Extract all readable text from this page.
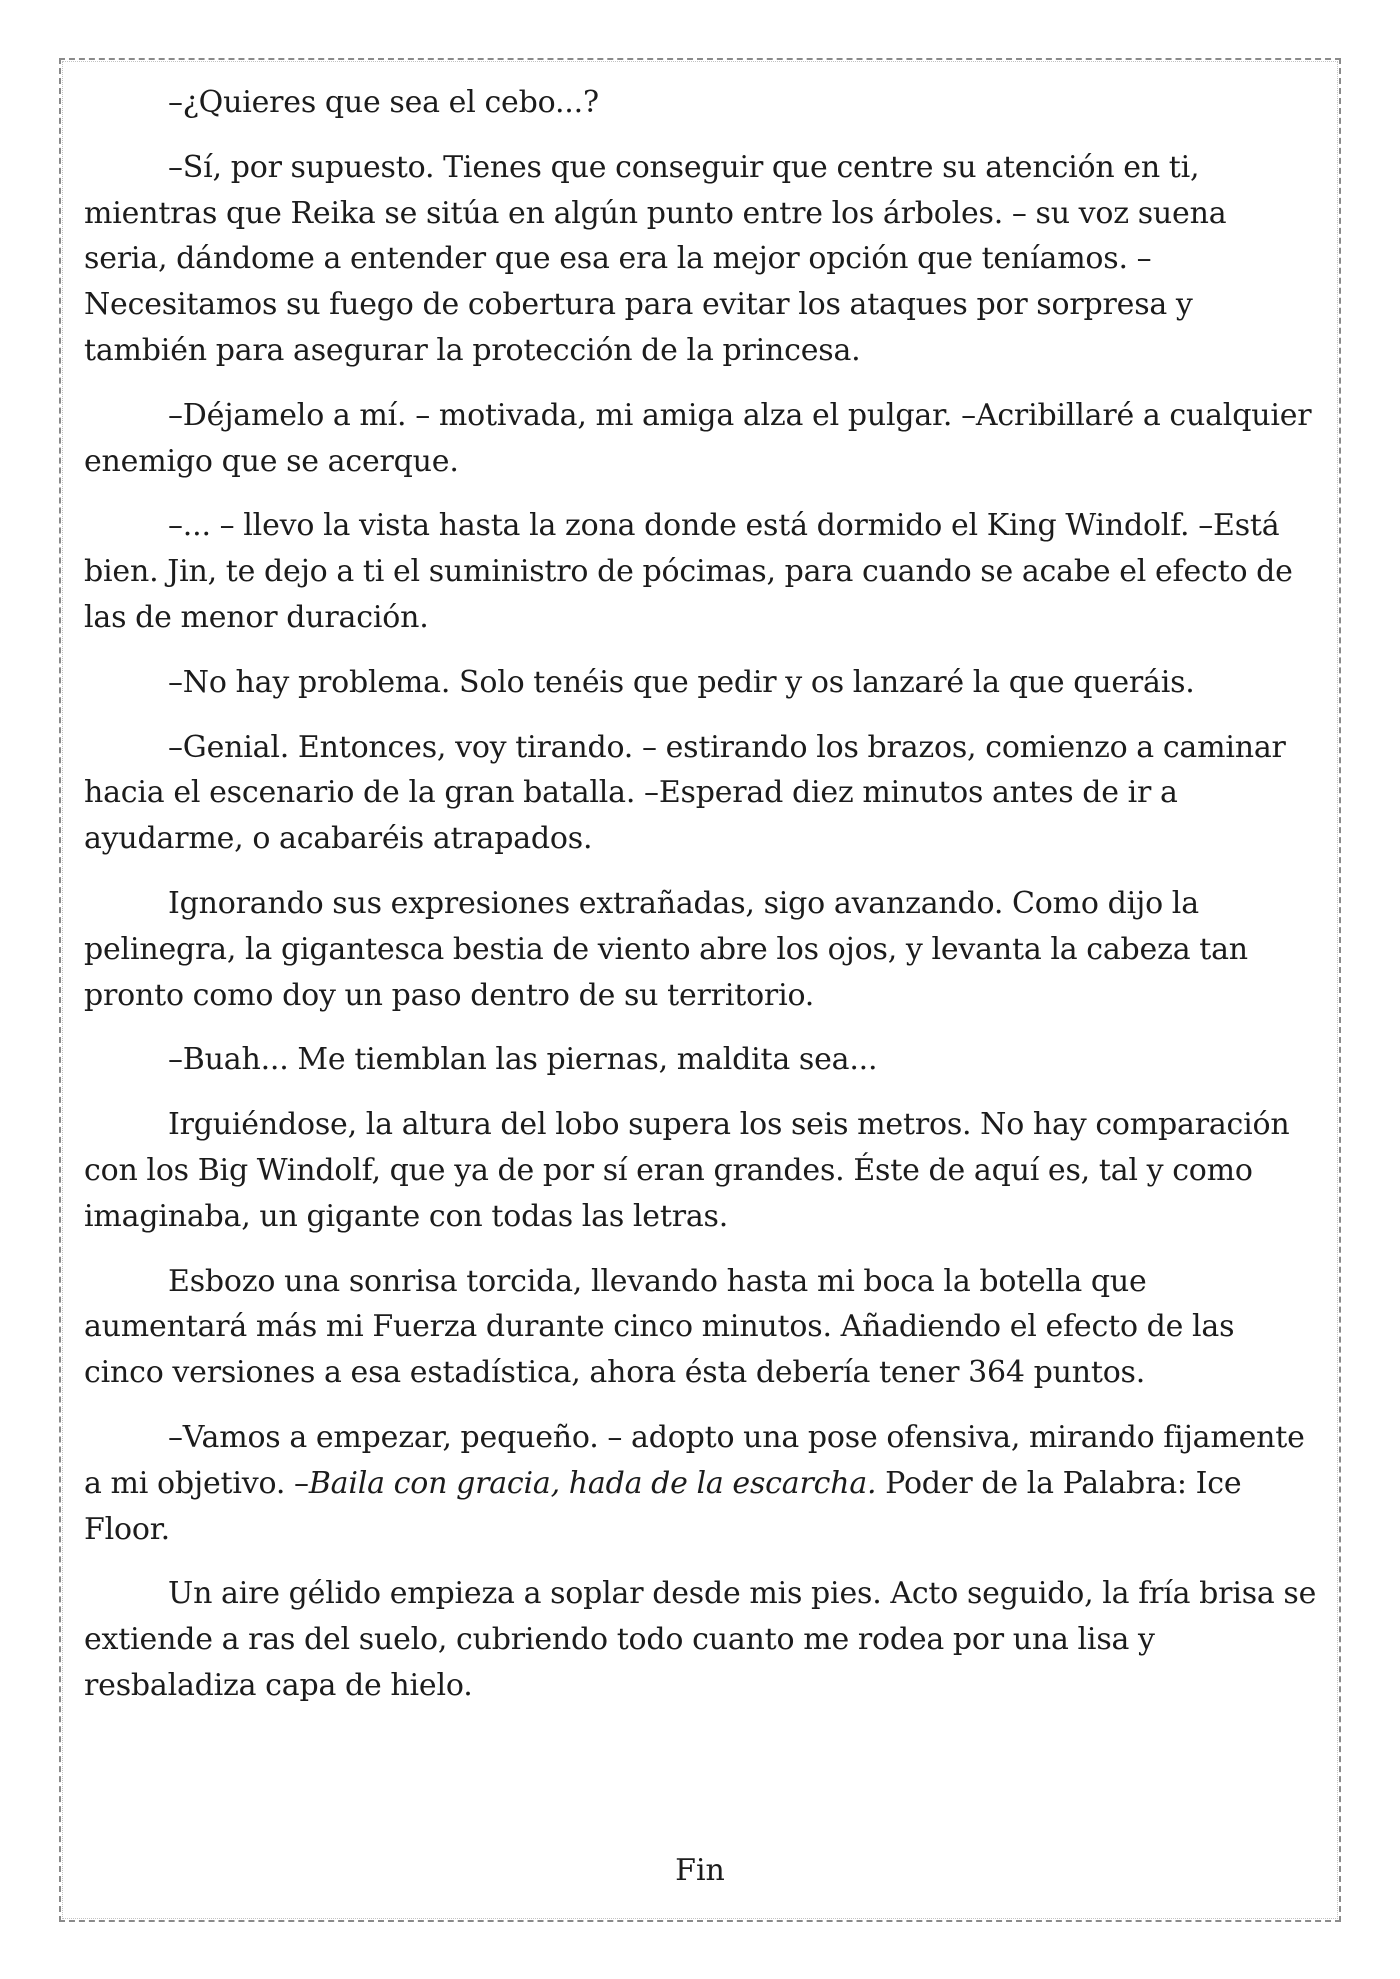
–¿Quieres que sea el cebo...?

–Sí, por supuesto. Tienes que conseguir que centre su atención en ti, mientras que Reika se sitúa en algún punto entre los árboles. – su voz suena seria, dándome a entender que esa era la mejor opción que teníamos. –Necesitamos su fuego de cobertura para evitar los ataques por sorpresa y también para asegurar la protección de la princesa.

–Déjamelo a mí. – motivada, mi amiga alza el pulgar. –Acribillaré a cualquier enemigo que se acerque.

–... – llevo la vista hasta la zona donde está dormido el King Windolf. –Está bien. Jin, te dejo a ti el suministro de pócimas, para cuando se acabe el efecto de las de menor duración.

–No hay problema. Solo tenéis que pedir y os lanzaré la que queráis.

–Genial. Entonces, voy tirando. – estirando los brazos, comienzo a caminar hacia el escenario de la gran batalla. –Esperad diez minutos antes de ir a ayudarme, o acabaréis atrapados.

Ignorando sus expresiones extrañadas, sigo avanzando. Como dijo la pelinegra, la gigantesca bestia de viento abre los ojos, y levanta la cabeza tan pronto como doy un paso dentro de su territorio.

–Buah... Me tiemblan las piernas, maldita sea...

Irguiéndose, la altura del lobo supera los seis metros. No hay comparación con los Big Windolf, que ya de por sí eran grandes. Éste de aquí es, tal y como imaginaba, un gigante con todas las letras.

Esbozo una sonrisa torcida, llevando hasta mi boca la botella que aumentará más mi Fuerza durante cinco minutos. Añadiendo el efecto de las cinco versiones a esa estadística, ahora ésta debería tener 364 puntos.

–Vamos a empezar, pequeño. – adopto una pose ofensiva, mirando fijamente a mi objetivo. –Baila con gracia, hada de la escarcha. Poder de la Palabra: Ice Floor.

Un aire gélido empieza a soplar desde mis pies. Acto seguido, la fría brisa se extiende a ras del suelo, cubriendo todo cuanto me rodea por una lisa y resbaladiza capa de hielo.

Fin
